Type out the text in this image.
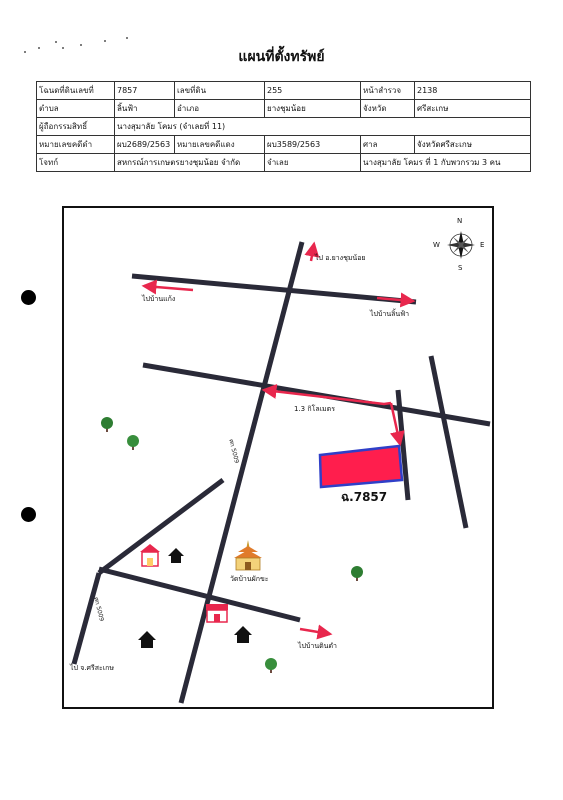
แผนที่ตั้งทรัพย์
โฉนดที่ดินเลขที่	7857	เลขที่ดิน	255	หน้าสำรวจ	2138
ตำบล	ลิ้นฟ้า	อำเภอ	ยางชุมน้อย	จังหวัด	ศรีสะเกษ
ผู้ถือกรรมสิทธิ์	นางสุมาลัย โคมร (จำเลยที่ 11)				
หมายเลขคดีดำ	ผบ2689/2563	หมายเลขคดีแดง	ผบ3589/2563	ศาล	จังหวัดศรีสะเกษ
โจทก์	สหกรณ์การเกษตรยางชุมน้อย จำกัด		จำเลย	นางสุมาลัย โคมร ที่ 1 กับพวกรวม 3 คน	
N
S
E
W
ไป อ.ยางชุมน้อย
ไปบ้านแก้ง
ไปบ้านลิ้นฟ้า
1.3 กิโลเมตร
ศก 5009
ศก 5009
วัดบ้านผักขะ
ไป จ.ศรีสะเกษ
ไปบ้านตินดำ
ฉ.7857
